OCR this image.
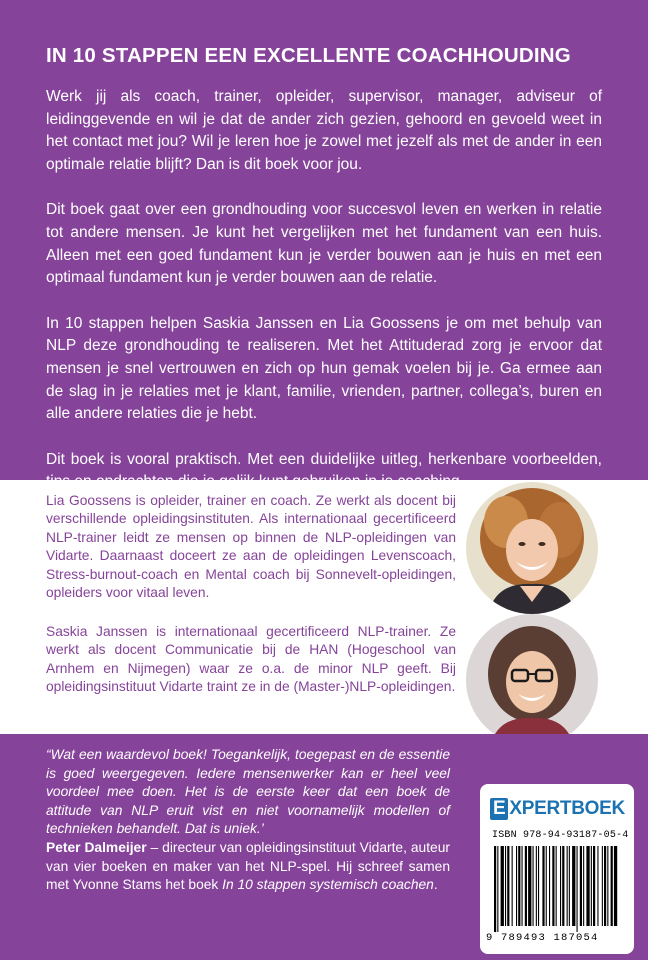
IN 10 STAPPEN EEN EXCELLENTE COACHHOUDING

Werk jij als coach, trainer, opleider, supervisor, manager, adviseur of leidinggevende en wil je dat de ander zich gezien, gehoord en gevoeld weet in het contact met jou? Wil je leren hoe je zowel met jezelf als met de ander in een optimale relatie blijft? Dan is dit boek voor jou.

Dit boek gaat over een grondhouding voor succesvol leven en werken in relatie tot andere mensen. Je kunt het vergelijken met het fundament van een huis. Alleen met een goed fundament kun je verder bouwen aan je huis en met een optimaal fundament kun je verder bouwen aan de relatie.

In 10 stappen helpen Saskia Janssen en Lia Goossens je om met behulp van NLP deze grondhouding te realiseren. Met het Attituderad zorg je ervoor dat mensen je snel vertrouwen en zich op hun gemak voelen bij je. Ga ermee aan de slag in je relaties met je klant, familie, vrienden, partner, collega’s, buren en alle andere relaties die je hebt.

Dit boek is vooral praktisch. Met een duidelijke uitleg, herkenbare voorbeelden,

Lia Goossens is opleider, trainer en coach. Ze werkt als docent bij verschillende opleidingsinstituten. Als internationaal gecertificeerd NLP-trainer leidt ze mensen op binnen de NLP-opleidingen van Vidarte. Daarnaast doceert ze aan de opleidingen Levenscoach, Stress-burnout-coach en Mental coach bij Sonnevelt-opleidingen, opleiders voor vitaal leven.

Saskia Janssen is internationaal gecertificeerd NLP-trainer. Ze werkt als docent Communicatie bij de HAN (Hogeschool van Arnhem en Nijmegen) waar ze o.a. de minor NLP geeft. Bij opleidingsinstituut Vidarte traint ze in de (Master-)NLP-opleidingen.

“Wat een waardevol boek! Toegankelijk, toegepast en de essentie is goed weergegeven. Iedere mensenwerker kan er heel veel voordeel mee doen. Het is de eerste keer dat een boek de attitude van NLP eruit vist en niet voornamelijk modellen of technieken behandelt. Dat is uniek.’
Peter Dalmeijer – directeur van opleidingsinstituut Vidarte, auteur van vier boeken en maker van het NLP-spel. Hij schreef samen met Yvonne Stams het boek In 10 stappen systemisch coachen.

E XPERTBOEK
ISBN 978-94-93187-05-4
9 789493 187054
